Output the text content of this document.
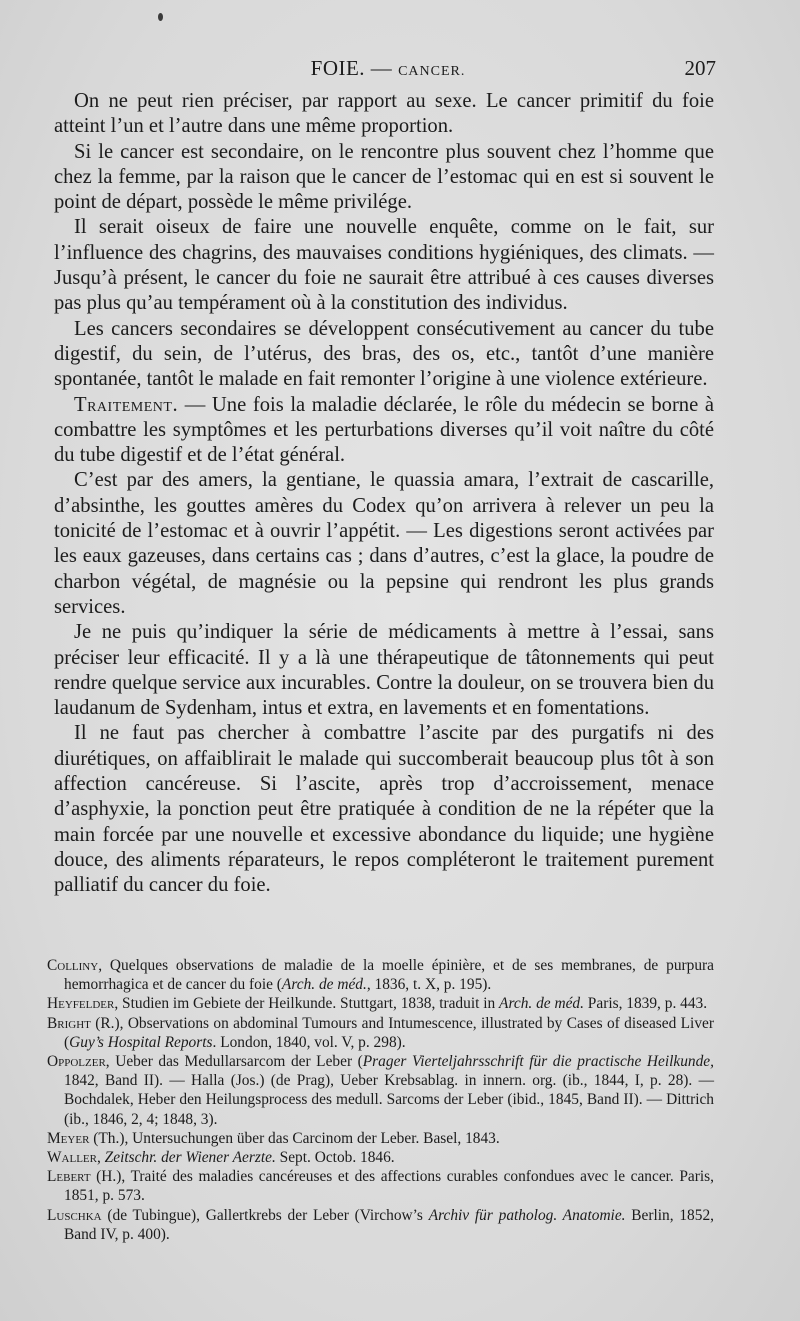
FOIE. — CANCER.	207

On ne peut rien préciser, par rapport au sexe. Le cancer primitif du foie atteint l’un et l’autre dans une même proportion.

Si le cancer est secondaire, on le rencontre plus souvent chez l’homme que chez la femme, par la raison que le cancer de l’estomac qui en est si souvent le point de départ, possède le même privilége.

Il serait oiseux de faire une nouvelle enquête, comme on le fait, sur l’influence des chagrins, des mauvaises conditions hygiéniques, des climats. — Jusqu’à présent, le cancer du foie ne saurait être attribué à ces causes diverses pas plus qu’au tempérament où à la constitution des individus.

Les cancers secondaires se développent consécutivement au cancer du tube digestif, du sein, de l’utérus, des bras, des os, etc., tantôt d’une manière spontanée, tantôt le malade en fait remonter l’origine à une violence extérieure.

Traitement. — Une fois la maladie déclarée, le rôle du médecin se borne à combattre les symptômes et les perturbations diverses qu’il voit naître du côté du tube digestif et de l’état général.

C’est par des amers, la gentiane, le quassia amara, l’extrait de cascarille, d’absinthe, les gouttes amères du Codex qu’on arrivera à relever un peu la tonicité de l’estomac et à ouvrir l’appétit. — Les digestions seront activées par les eaux gazeuses, dans certains cas ; dans d’autres, c’est la glace, la poudre de charbon végétal, de magnésie ou la pepsine qui rendront les plus grands services.

Je ne puis qu’indiquer la série de médicaments à mettre à l’essai, sans préciser leur efficacité. Il y a là une thérapeutique de tâtonnements qui peut rendre quelque service aux incurables. Contre la douleur, on se trouvera bien du laudanum de Sydenham, intus et extra, en lavements et en fomentations.

Il ne faut pas chercher à combattre l’ascite par des purgatifs ni des diurétiques, on affaiblirait le malade qui succomberait beaucoup plus tôt à son affection cancéreuse. Si l’ascite, après trop d’accroissement, menace d’asphyxie, la ponction peut être pratiquée à condition de ne la répéter que la main forcée par une nouvelle et excessive abondance du liquide; une hygiène douce, des aliments réparateurs, le repos compléteront le traitement purement palliatif du cancer du foie.

Colliny, Quelques observations de maladie de la moelle épinière, et de ses membranes, de purpura hemorrhagica et de cancer du foie (Arch. de méd., 1836, t. X, p. 195).

Heyfelder, Studien im Gebiete der Heilkunde. Stuttgart, 1838, traduit in Arch. de méd. Paris, 1839, p. 443.

Bright (R.), Observations on abdominal Tumours and Intumescence, illustrated by Cases of diseased Liver (Guy’s Hospital Reports. London, 1840, vol. V, p. 298).

Oppolzer, Ueber das Medullarsarcom der Leber (Prager Vierteljahrsschrift für die practische Heilkunde, 1842, Band II). — Halla (Jos.) (de Prag), Ueber Krebsablag. in innern. org. (ib., 1844, I, p. 28). — Bochdalek, Heber den Heilungsprocess des medull. Sarcoms der Leber (ibid., 1845, Band II). — Dittrich (ib., 1846, 2, 4; 1848, 3).

Meyer (Th.), Untersuchungen über das Carcinom der Leber. Basel, 1843.

Waller, Zeitschr. der Wiener Aerzte. Sept. Octob. 1846.

Lebert (H.), Traité des maladies cancéreuses et des affections curables confondues avec le cancer. Paris, 1851, p. 573.

Luschka (de Tubingue), Gallertkrebs der Leber (Virchow’s Archiv für patholog. Anatomie. Berlin, 1852, Band IV, p. 400).
